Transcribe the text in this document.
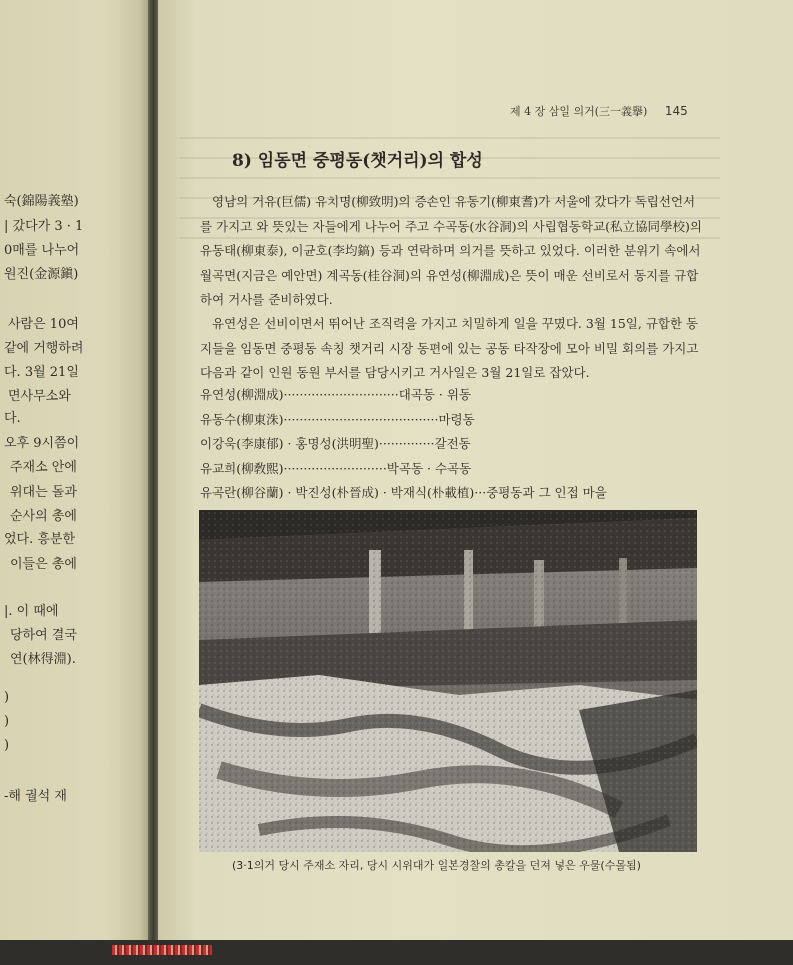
숙(錦陽義塾)
| 갔다가 3 · 1
0매를 나누어
원진(金源鎭)
사람은 10여
같에 거행하려
다. 3월 21일
면사무소와
다.
오후 9시쯤이
주재소 안에
위대는 돌과
순사의 총에
었다. 흥분한
이들은 총에
|. 이 때에
당하여 결국
연(林得淵).
)
)
)
-해 궐석 재
제 4 장 삼일 의거(三一義擧) 145
8) 임동면 중평동(챗거리)의 합성
영남의 거유(巨儒) 유치명(柳致明)의 증손인 유동기(柳東耆)가 서울에 갔다가 독립선언서를 가지고 와 뜻있는 자들에게 나누어 주고 수곡동(水谷洞)의 사립협동학교(私立協同學校)의 유동태(柳東泰), 이균호(李均鎬) 등과 연락하며 의거를 뜻하고 있었다. 이러한 분위기 속에서 월곡면(지금은 예안면) 계곡동(桂谷洞)의 유연성(柳淵成)은 뜻이 매운 선비로서 동지를 규합하여 거사를 준비하였다.
유연성은 선비이면서 뛰어난 조직력을 가지고 치밀하게 일을 꾸몄다. 3월 15일, 규합한 동지들을 임동면 중평동 속칭 챗거리 시장 동편에 있는 공동 타작장에 모아 비밀 회의를 가지고 다음과 같이 인원 동원 부서를 담당시키고 거사일은 3월 21일로 잡았다.
유연성(柳淵成)·····························대곡동 · 위동
유동수(柳東洙)·······································마령동
이강욱(李康郁) · 홍명성(洪明聖)··············갈전동
유교희(柳敎熙)··························박곡동 · 수곡동
유곡란(柳谷蘭) · 박진성(朴晉成) · 박재식(朴載植)···중평동과 그 인접 마을
(3·1의거 당시 주재소 자리, 당시 시위대가 일본경찰의 총칼을 던져 넣은 우물(수몰됨)
